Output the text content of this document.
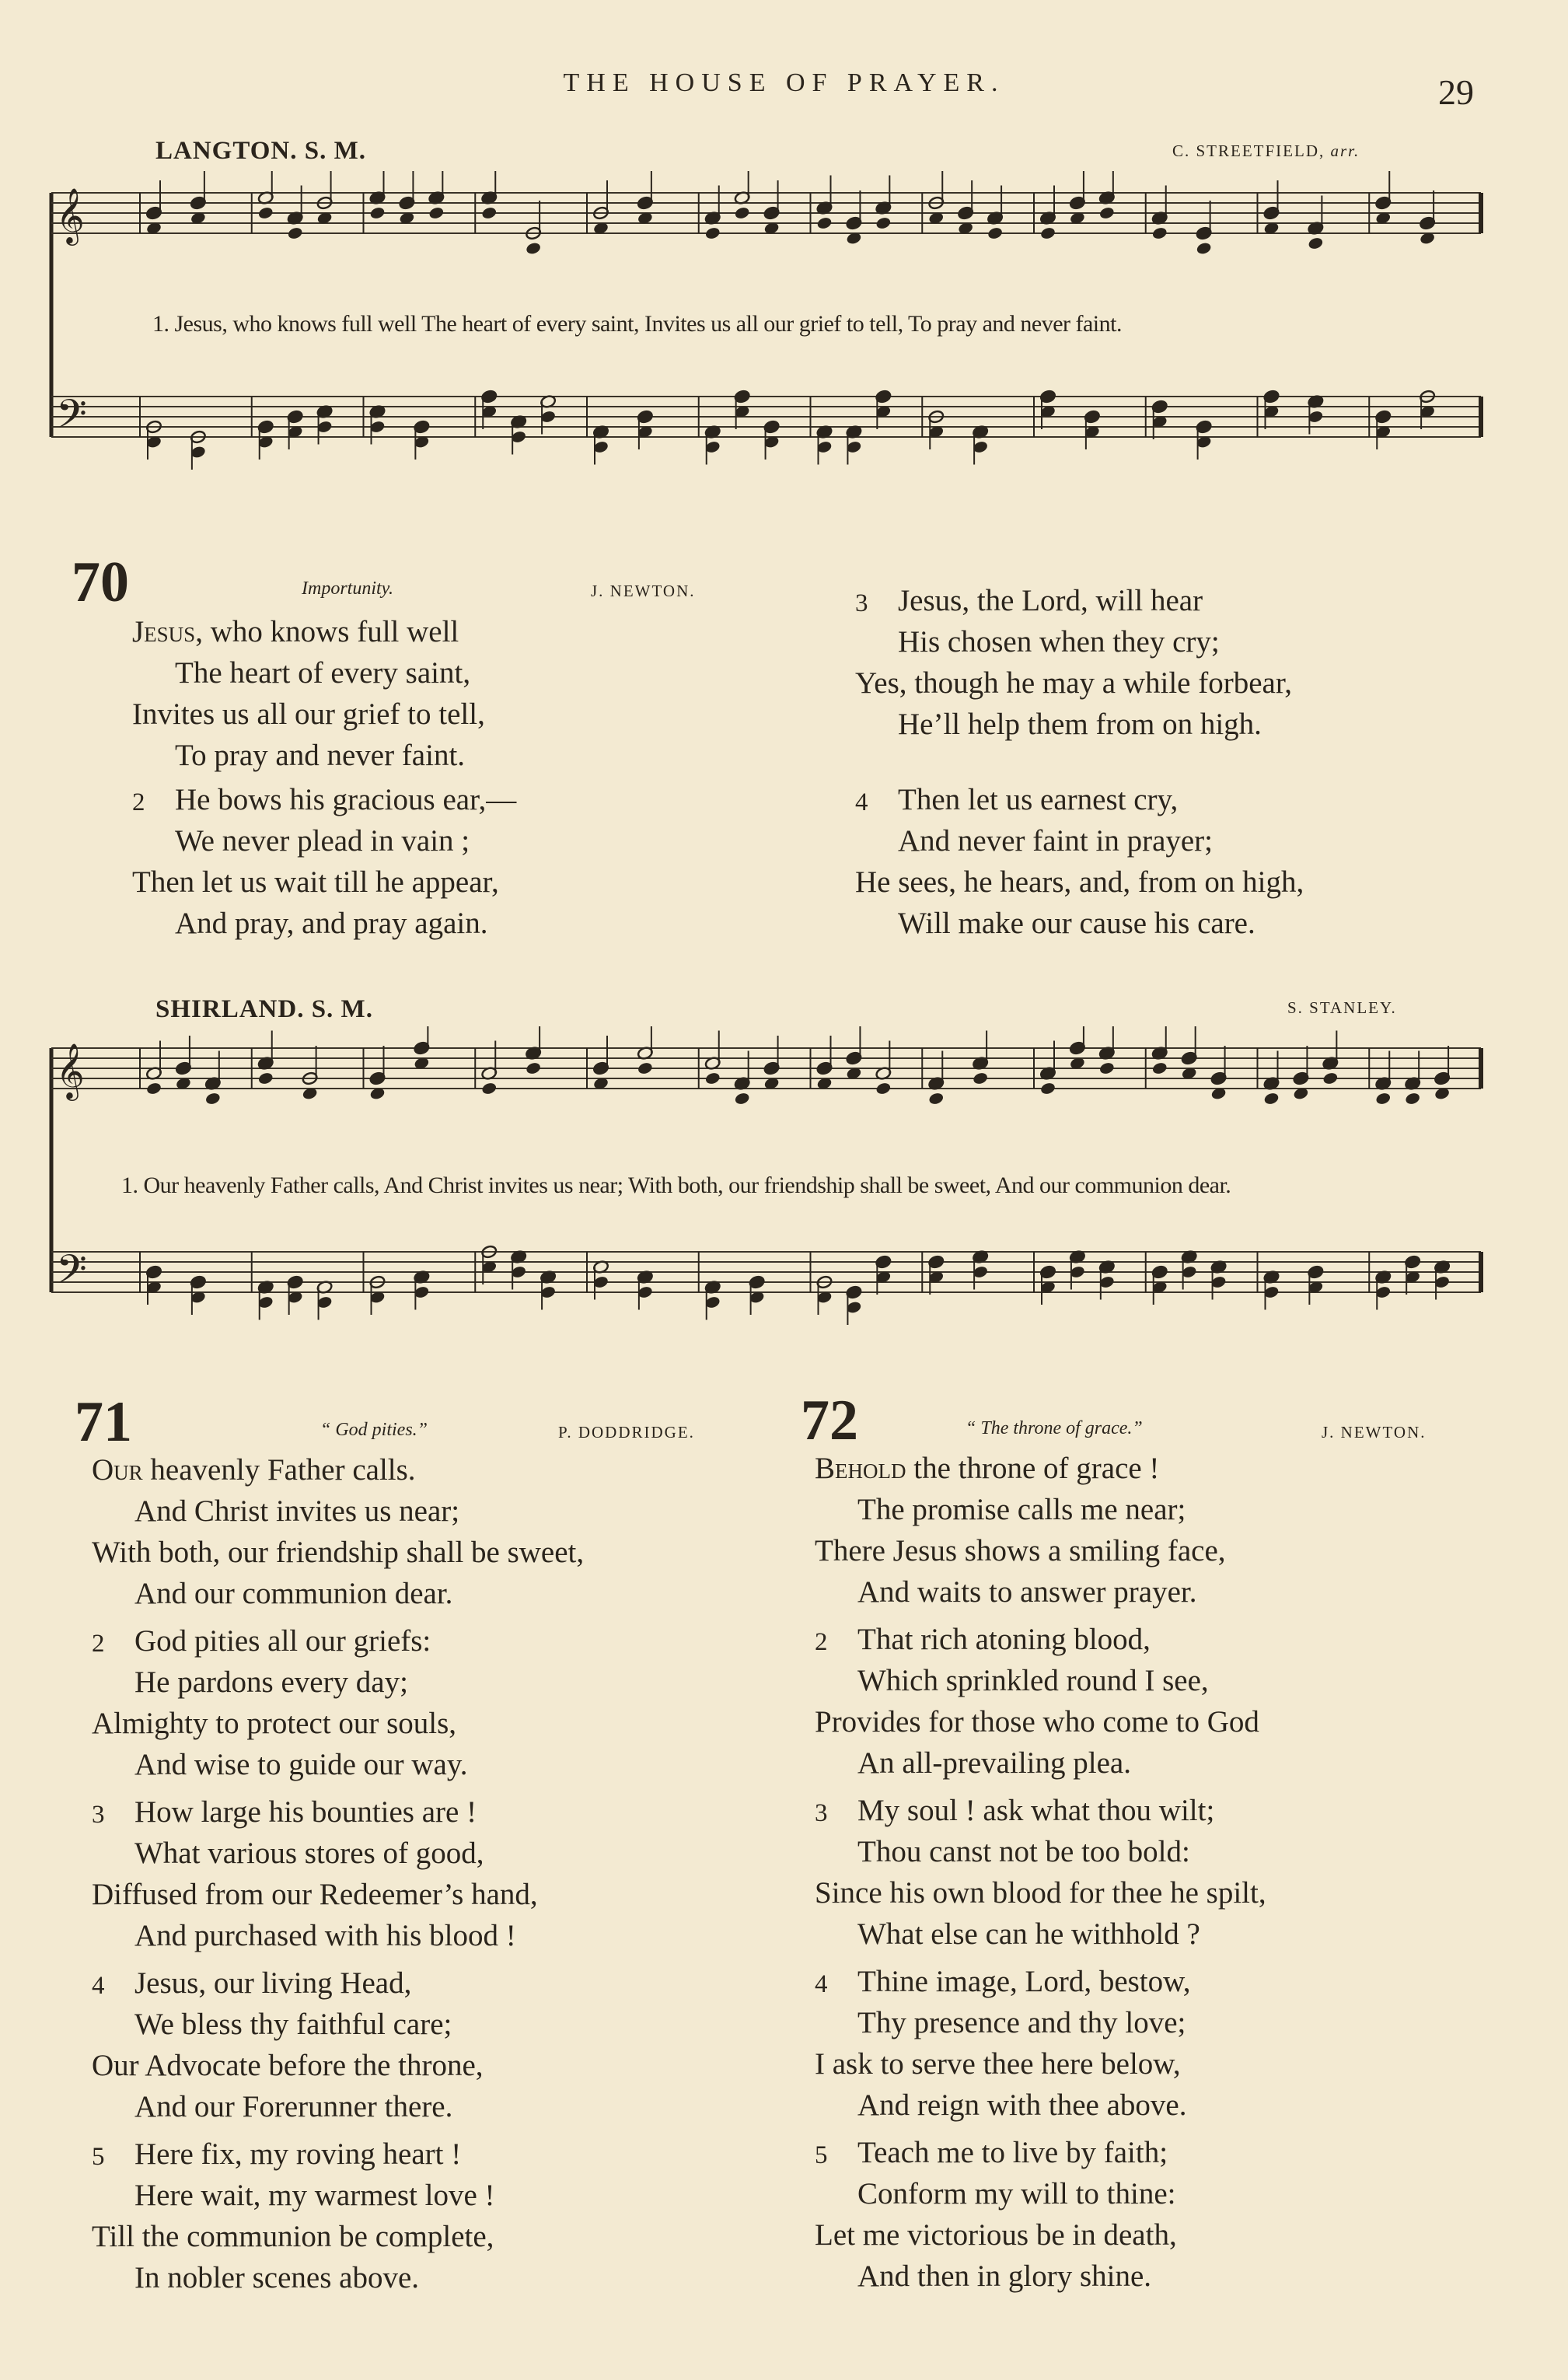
THE HOUSE OF PRAYER.	29
LANGTON. S. M.	C. STREETFIELD, arr.
𝄞
𝄢
1. Jesus, who knows full well The heart of every saint, Invites us all our grief to tell, To pray and never faint.
70	Importunity.	J. NEWTON.
Jesus, who knows full well
The heart of every saint,
Invites us all our grief to tell,
To pray and never faint.
2 He bows his gracious ear,—
We never plead in vain ;
Then let us wait till he appear,
And pray, and pray again.
3 Jesus, the Lord, will hear
His chosen when they cry;
Yes, though he may a while forbear,
He’ll help them from on high.
4 Then let us earnest cry,
And never faint in prayer;
He sees, he hears, and, from on high,
Will make our cause his care.
SHIRLAND. S. M.	S. STANLEY.
𝄞
𝄢
1. Our heavenly Father calls, And Christ invites us near; With both, our friendship shall be sweet, And our communion dear.
71	“ God pities.”	P. DODDRIDGE.
Our heavenly Father calls.
And Christ invites us near;
With both, our friendship shall be sweet,
And our communion dear.
2 God pities all our griefs:
He pardons every day;
Almighty to protect our souls,
And wise to guide our way.
3 How large his bounties are !
What various stores of good,
Diffused from our Redeemer’s hand,
And purchased with his blood !
4 Jesus, our living Head,
We bless thy faithful care;
Our Advocate before the throne,
And our Forerunner there.
5 Here fix, my roving heart !
Here wait, my warmest love !
Till the communion be complete,
In nobler scenes above.
72	“ The throne of grace.”	J. NEWTON.
Behold the throne of grace !
The promise calls me near;
There Jesus shows a smiling face,
And waits to answer prayer.
2 That rich atoning blood,
Which sprinkled round I see,
Provides for those who come to God
An all-prevailing plea.
3 My soul ! ask what thou wilt;
Thou canst not be too bold:
Since his own blood for thee he spilt,
What else can he withhold ?
4 Thine image, Lord, bestow,
Thy presence and thy love;
I ask to serve thee here below,
And reign with thee above.
5 Teach me to live by faith;
Conform my will to thine:
Let me victorious be in death,
And then in glory shine.
